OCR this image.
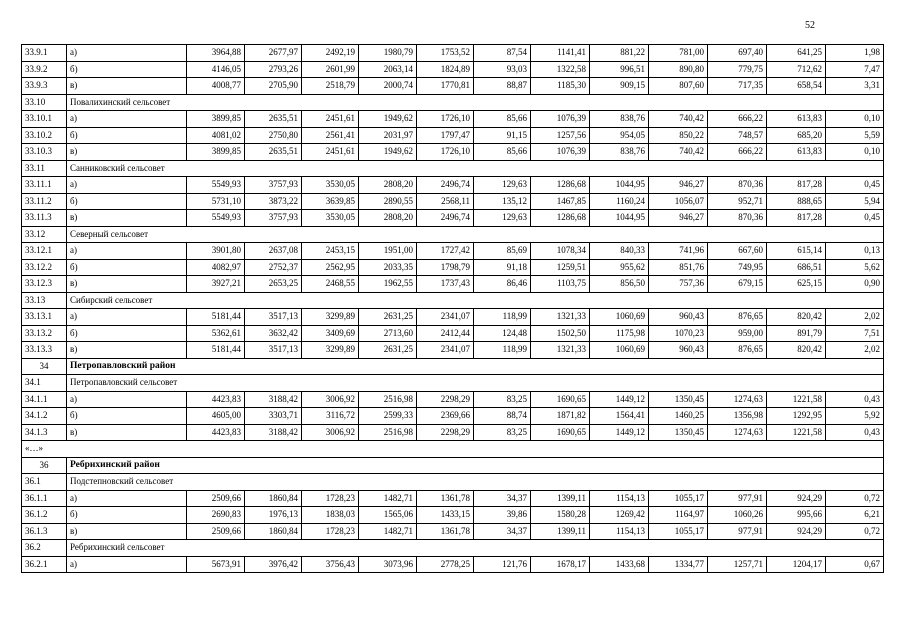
52
33.9.1	а)	3964,88	2677,97	2492,19	1980,79	1753,52	87,54	1141,41	881,22	781,00	697,40	641,25	1,98
33.9.2	б)	4146,05	2793,26	2601,99	2063,14	1824,89	93,03	1322,58	996,51	890,80	779,75	712,62	7,47
33.9.3	в)	4008,77	2705,90	2518,79	2000,74	1770,81	88,87	1185,30	909,15	807,60	717,35	658,54	3,31
33.10	Повалихинский сельсовет												
33.10.1	а)	3899,85	2635,51	2451,61	1949,62	1726,10	85,66	1076,39	838,76	740,42	666,22	613,83	0,10
33.10.2	б)	4081,02	2750,80	2561,41	2031,97	1797,47	91,15	1257,56	954,05	850,22	748,57	685,20	5,59
33.10.3	в)	3899,85	2635,51	2451,61	1949,62	1726,10	85,66	1076,39	838,76	740,42	666,22	613,83	0,10
33.11	Санниковский сельсовет												
33.11.1	а)	5549,93	3757,93	3530,05	2808,20	2496,74	129,63	1286,68	1044,95	946,27	870,36	817,28	0,45
33.11.2	б)	5731,10	3873,22	3639,85	2890,55	2568,11	135,12	1467,85	1160,24	1056,07	952,71	888,65	5,94
33.11.3	в)	5549,93	3757,93	3530,05	2808,20	2496,74	129,63	1286,68	1044,95	946,27	870,36	817,28	0,45
33.12	Северный сельсовет												
33.12.1	а)	3901,80	2637,08	2453,15	1951,00	1727,42	85,69	1078,34	840,33	741,96	667,60	615,14	0,13
33.12.2	б)	4082,97	2752,37	2562,95	2033,35	1798,79	91,18	1259,51	955,62	851,76	749,95	686,51	5,62
33.12.3	в)	3927,21	2653,25	2468,55	1962,55	1737,43	86,46	1103,75	856,50	757,36	679,15	625,15	0,90
33.13	Сибирский сельсовет												
33.13.1	а)	5181,44	3517,13	3299,89	2631,25	2341,07	118,99	1321,33	1060,69	960,43	876,65	820,42	2,02
33.13.2	б)	5362,61	3632,42	3409,69	2713,60	2412,44	124,48	1502,50	1175,98	1070,23	959,00	891,79	7,51
33.13.3	в)	5181,44	3517,13	3299,89	2631,25	2341,07	118,99	1321,33	1060,69	960,43	876,65	820,42	2,02
34	Петропавловский район												
34.1	Петропавловский сельсовет												
34.1.1	а)	4423,83	3188,42	3006,92	2516,98	2298,29	83,25	1690,65	1449,12	1350,45	1274,63	1221,58	0,43
34.1.2	б)	4605,00	3303,71	3116,72	2599,33	2369,66	88,74	1871,82	1564,41	1460,25	1356,98	1292,95	5,92
34.1.3	в)	4423,83	3188,42	3006,92	2516,98	2298,29	83,25	1690,65	1449,12	1350,45	1274,63	1221,58	0,43
«…»													
36	Ребрихинский район												
36.1	Подстепновский сельсовет												
36.1.1	а)	2509,66	1860,84	1728,23	1482,71	1361,78	34,37	1399,11	1154,13	1055,17	977,91	924,29	0,72
36.1.2	б)	2690,83	1976,13	1838,03	1565,06	1433,15	39,86	1580,28	1269,42	1164,97	1060,26	995,66	6,21
36.1.3	в)	2509,66	1860,84	1728,23	1482,71	1361,78	34,37	1399,11	1154,13	1055,17	977,91	924,29	0,72
36.2	Ребрихинский сельсовет												
36.2.1	а)	5673,91	3976,42	3756,43	3073,96	2778,25	121,76	1678,17	1433,68	1334,77	1257,71	1204,17	0,67
